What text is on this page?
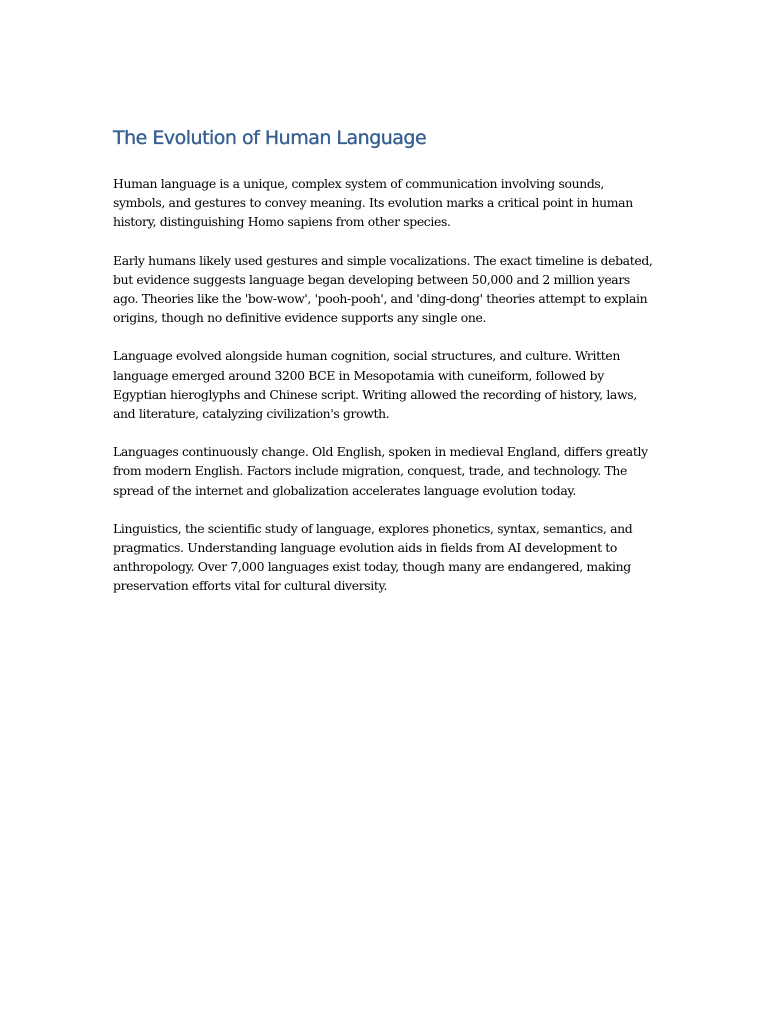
The Evolution of Human Language

Human language is a unique, complex system of communication involving sounds, symbols, and gestures to convey meaning. Its evolution marks a critical point in human history, distinguishing Homo sapiens from other species.

Early humans likely used gestures and simple vocalizations. The exact timeline is debated, but evidence suggests language began developing between 50,000 and 2 million years ago. Theories like the 'bow-wow', 'pooh-pooh', and 'ding-dong' theories attempt to explain origins, though no definitive evidence supports any single one.

Language evolved alongside human cognition, social structures, and culture. Written language emerged around 3200 BCE in Mesopotamia with cuneiform, followed by Egyptian hieroglyphs and Chinese script. Writing allowed the recording of history, laws, and literature, catalyzing civilization's growth.

Languages continuously change. Old English, spoken in medieval England, differs greatly from modern English. Factors include migration, conquest, trade, and technology. The spread of the internet and globalization accelerates language evolution today.

Linguistics, the scientific study of language, explores phonetics, syntax, semantics, and pragmatics. Understanding language evolution aids in fields from AI development to anthropology. Over 7,000 languages exist today, though many are endangered, making preservation efforts vital for cultural diversity.
